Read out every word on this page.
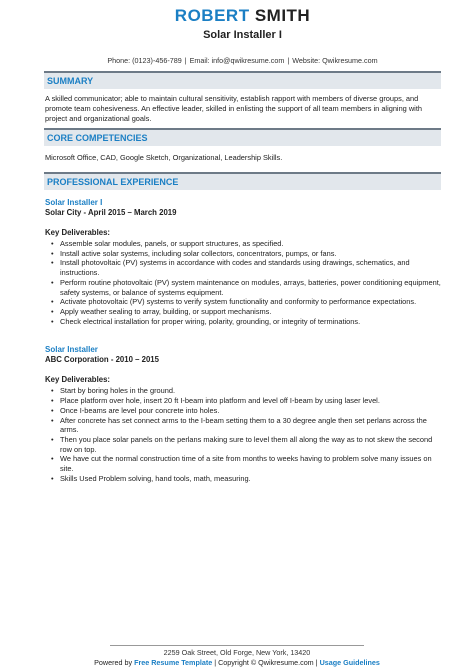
ROBERT SMITH
Solar Installer I
Phone: (0123)-456-789 | Email: info@qwikresume.com | Website: Qwikresume.com
SUMMARY
A skilled communicator; able to maintain cultural sensitivity, establish rapport with members of diverse groups, and promote team cohesiveness. An effective leader, skilled in enlisting the support of all team members in aligning with project and organizational goals.
CORE COMPETENCIES
Microsoft Office, CAD, Google Sketch, Organizational, Leadership Skills.
PROFESSIONAL EXPERIENCE
Solar Installer I
Solar City - April 2015 – March 2019
Key Deliverables:
• Assemble solar modules, panels, or support structures, as specified.
• Install active solar systems, including solar collectors, concentrators, pumps, or fans.
• Install photovoltaic (PV) systems in accordance with codes and standards using drawings, schematics, and instructions.
• Perform routine photovoltaic (PV) system maintenance on modules, arrays, batteries, power conditioning equipment, safety systems, or balance of systems equipment.
• Activate photovoltaic (PV) systems to verify system functionality and conformity to performance expectations.
• Apply weather sealing to array, building, or support mechanisms.
• Check electrical installation for proper wiring, polarity, grounding, or integrity of terminations.
Solar Installer
ABC Corporation - 2010 – 2015
Key Deliverables:
• Start by boring holes in the ground.
• Place platform over hole, insert 20 ft I-beam into platform and level off I-beam by using laser level.
• Once I-beams are level pour concrete into holes.
• After concrete has set connect arms to the I-beam setting them to a 30 degree angle then set perlans across the arms.
• Then you place solar panels on the perlans making sure to level them all along the way as to not skew the second row on top.
• We have cut the normal construction time of a site from months to weeks having to problem solve many issues on site.
• Skills Used Problem solving, hand tools, math, measuring.
2259 Oak Street, Old Forge, New York, 13420
Powered by Free Resume Template | Copyright © Qwikresume.com | Usage Guidelines
